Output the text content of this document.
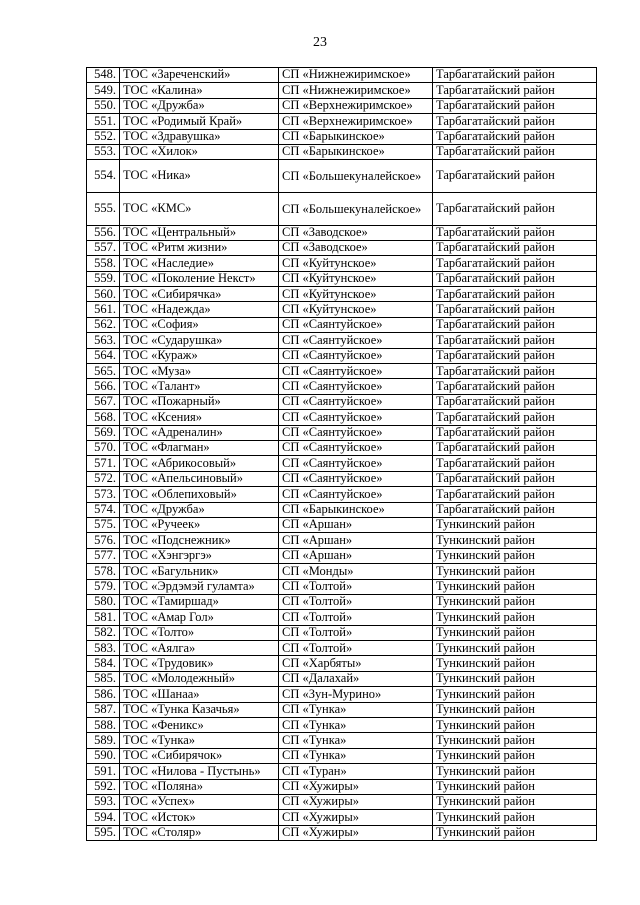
23
548.	ТОС «Зареченский»	СП «Нижнежиримское»	Тарбагатайский район
549.	ТОС «Калина»	СП «Нижнежиримское»	Тарбагатайский район
550.	ТОС «Дружба»	СП «Верхнежиримское»	Тарбагатайский район
551.	ТОС «Родимый Край»	СП «Верхнежиримское»	Тарбагатайский район
552.	ТОС «Здравушка»	СП «Барыкинское»	Тарбагатайский район
553.	ТОС «Хилок»	СП «Барыкинское»	Тарбагатайский район
554.	ТОС «Ника»	СП «Большекуналейское»	Тарбагатайский район
555.	ТОС «КМС»	СП «Большекуналейское»	Тарбагатайский район
556.	ТОС «Центральный»	СП «Заводское»	Тарбагатайский район
557.	ТОС «Ритм жизни»	СП «Заводское»	Тарбагатайский район
558.	ТОС «Наследие»	СП «Куйтунское»	Тарбагатайский район
559.	ТОС «Поколение Некст»	СП «Куйтунское»	Тарбагатайский район
560.	ТОС «Сибирячка»	СП «Куйтунское»	Тарбагатайский район
561.	ТОС «Надежда»	СП «Куйтунское»	Тарбагатайский район
562.	ТОС «София»	СП «Саянтуйское»	Тарбагатайский район
563.	ТОС «Сударушка»	СП «Саянтуйское»	Тарбагатайский район
564.	ТОС «Кураж»	СП «Саянтуйское»	Тарбагатайский район
565.	ТОС «Муза»	СП «Саянтуйское»	Тарбагатайский район
566.	ТОС «Талант»	СП «Саянтуйское»	Тарбагатайский район
567.	ТОС «Пожарный»	СП «Саянтуйское»	Тарбагатайский район
568.	ТОС «Ксения»	СП «Саянтуйское»	Тарбагатайский район
569.	ТОС «Адреналин»	СП «Саянтуйское»	Тарбагатайский район
570.	ТОС «Флагман»	СП «Саянтуйское»	Тарбагатайский район
571.	ТОС «Абрикосовый»	СП «Саянтуйское»	Тарбагатайский район
572.	ТОС «Апельсиновый»	СП «Саянтуйское»	Тарбагатайский район
573.	ТОС «Облепиховый»	СП «Саянтуйское»	Тарбагатайский район
574.	ТОС «Дружба»	СП «Барыкинское»	Тарбагатайский район
575.	ТОС «Ручеек»	СП «Аршан»	Тункинский район
576.	ТОС «Подснежник»	СП «Аршан»	Тункинский район
577.	ТОС «Хэнгэргэ»	СП «Аршан»	Тункинский район
578.	ТОС «Багульник»	СП «Монды»	Тункинский район
579.	ТОС «Эрдэмэй гуламта»	СП «Толтой»	Тункинский район
580.	ТОС «Тамиршад»	СП «Толтой»	Тункинский район
581.	ТОС «Амар Гол»	СП «Толтой»	Тункинский район
582.	ТОС «Толто»	СП «Толтой»	Тункинский район
583.	ТОС «Аялга»	СП «Толтой»	Тункинский район
584.	ТОС «Трудовик»	СП «Харбяты»	Тункинский район
585.	ТОС «Молодежный»	СП «Далахай»	Тункинский район
586.	ТОС «Шанаа»	СП «Зун-Мурино»	Тункинский район
587.	ТОС «Тунка Казачья»	СП «Тунка»	Тункинский район
588.	ТОС «Феникс»	СП «Тунка»	Тункинский район
589.	ТОС «Тунка»	СП «Тунка»	Тункинский район
590.	ТОС «Сибирячок»	СП «Тунка»	Тункинский район
591.	ТОС «Нилова - Пустынь»	СП «Туран»	Тункинский район
592.	ТОС «Поляна»	СП «Хужиры»	Тункинский район
593.	ТОС «Успех»	СП «Хужиры»	Тункинский район
594.	ТОС «Исток»	СП «Хужиры»	Тункинский район
595.	ТОС «Столяр»	СП «Хужиры»	Тункинский район
